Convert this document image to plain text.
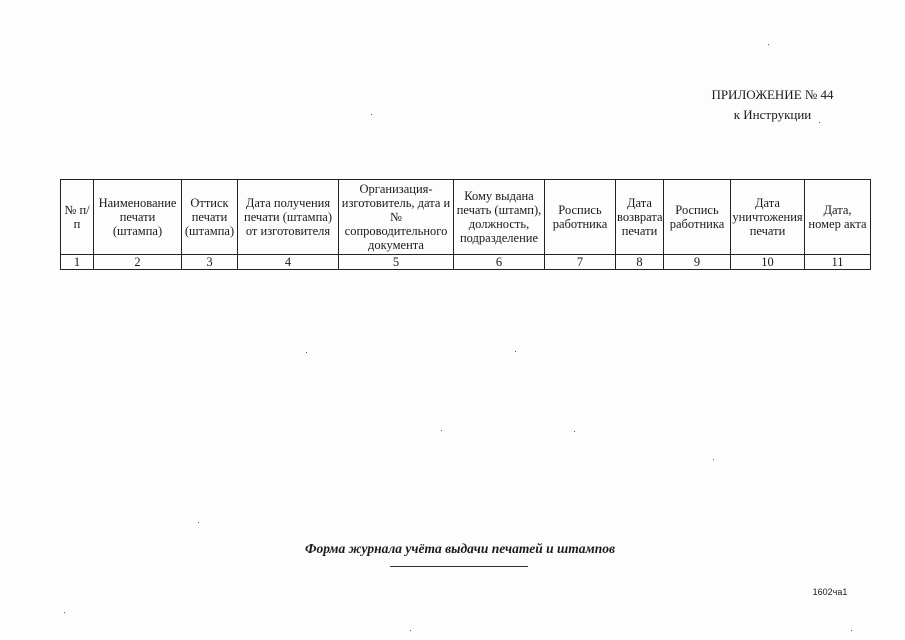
ПРИЛОЖЕНИЕ № 44
к Инструкции
№ п/п	Наименование печати (штампа)	Оттиск печати (штампа)	Дата получения печати (штампа) от изготовителя	Организация-изготовитель, дата и № сопроводительного документа	Кому выдана печать (штамп), должность, подразделение	Роспись работника	Дата возврата печати	Роспись работника	Дата уничтожения печати	Дата, номер акта
1	2	3	4	5	6	7	8	9	10	11
Форма журнала учёта выдачи печатей и штампов
1602ча1
